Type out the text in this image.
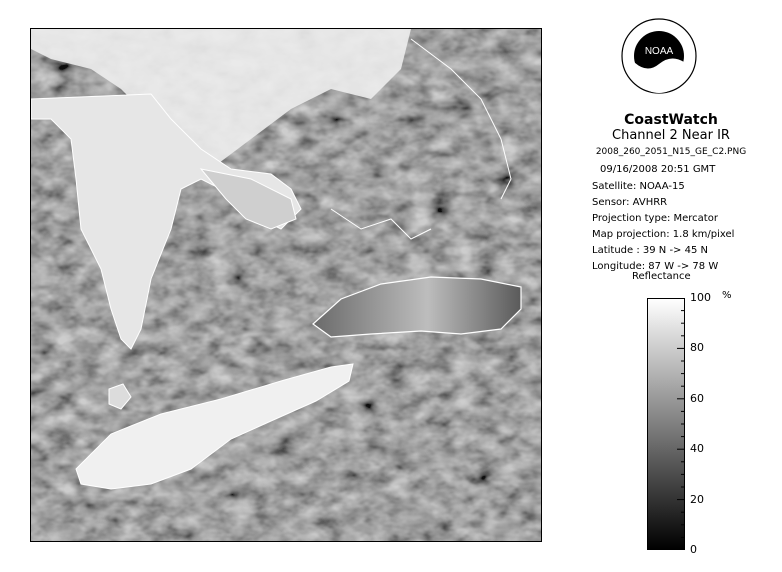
NOAA
CoastWatch
Channel 2 Near IR
2008_260_2051_N15_GE_C2.PNG
09/16/2008 20:51 GMT
Satellite: NOAA-15
Sensor: AVHRR
Projection type: Mercator
Map projection: 1.8 km/pixel
Latitude : 39 N -> 45 N
Longitude: 87 W -> 78 W
Reflectance
%
100
80
60
40
20
0
